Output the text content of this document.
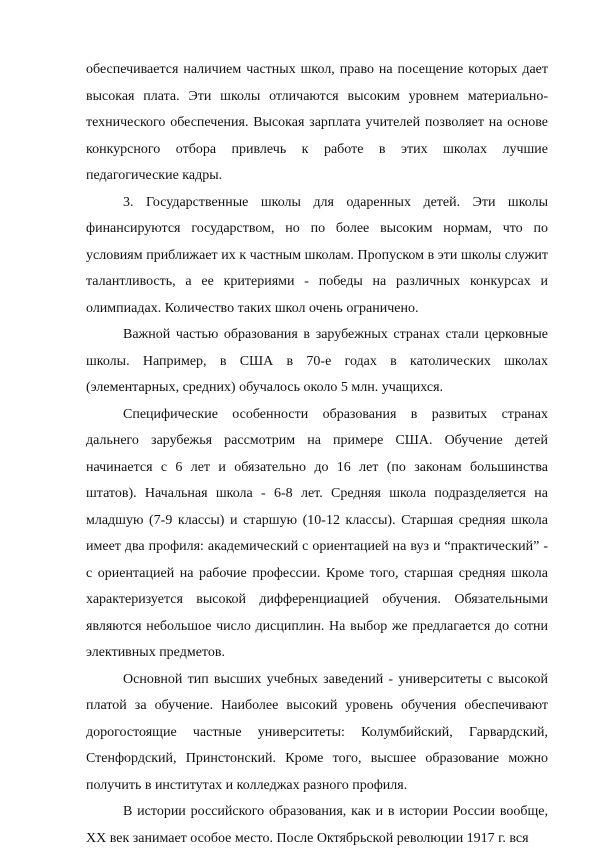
обеспечивается наличием частных школ, право на посещение которых дает высокая плата. Эти школы отличаются высоким уровнем материально-технического обеспечения. Высокая зарплата учителей позволяет на основе конкурсного отбора привлечь к работе в этих школах лучшие педагогические кадры.

3. Государственные школы для одаренных детей. Эти школы финансируются государством, но по более высоким нормам, что по условиям приближает их к частным школам. Пропуском в эти школы служит талантливость, а ее критериями - победы на различных конкурсах и олимпиадах. Количество таких школ очень ограничено.

Важной частью образования в зарубежных странах стали церковные школы. Например, в США в 70-е годах в католических школах (элементарных, средних) обучалось около 5 млн. учащихся.

Специфические особенности образования в развитых странах дальнего зарубежья рассмотрим на примере США. Обучение детей начинается с 6 лет и обязательно до 16 лет (по законам большинства штатов). Начальная школа - 6-8 лет. Средняя школа подразделяется на младшую (7-9 классы) и старшую (10-12 классы). Старшая средняя школа имеет два профиля: академический с ориентацией на вуз и “практический” - с ориентацией на рабочие профессии. Кроме того, старшая средняя школа характеризуется высокой дифференциацией обучения. Обязательными являются небольшое число дисциплин. На выбор же предлагается до сотни элективных предметов.

Основной тип высших учебных заведений - университеты с высокой платой за обучение. Наиболее высокий уровень обучения обеспечивают дорогостоящие частные университеты: Колумбийский, Гарвардский, Стенфордский, Принстонский. Кроме того, высшее образование можно получить в институтах и колледжах разного профиля.

В истории российского образования, как и в истории России вообще, XX век занимает особое место. После Октябрьской революции 1917 г. вся
